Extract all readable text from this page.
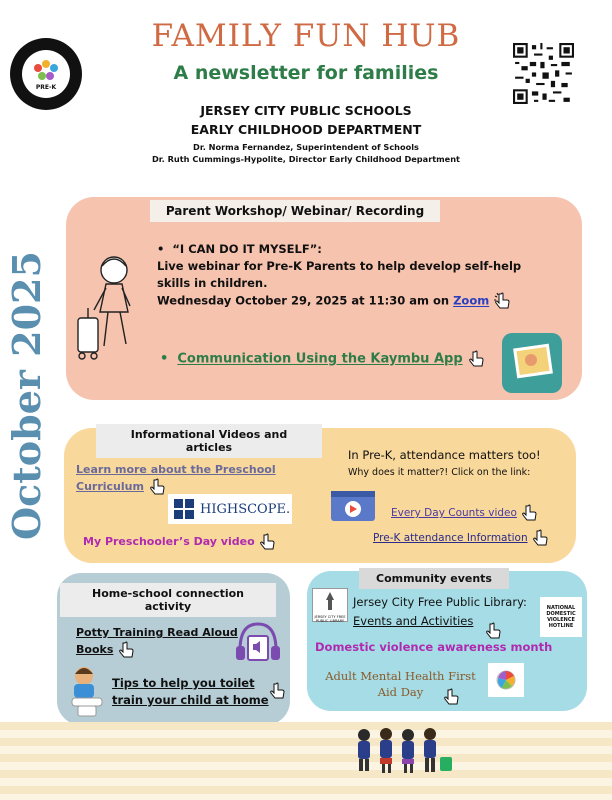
PRE-K
FAMILY FUN HUB
A newsletter for families
JERSEY CITY PUBLIC SCHOOLS
EARLY CHILDHOOD DEPARTMENT
Dr. Norma Fernandez, Superintendent of Schools
Dr. Ruth Cummings-Hypolite, Director Early Childhood Department
October 2025
Parent Workshop/ Webinar/ Recording
•  “I CAN DO IT MYSELF”:
Live webinar for Pre-K Parents to help develop self-help
skills in children.
Wednesday October 29, 2025 at 11:30 am on Zoom
•  Communication Using the Kaymbu App
Informational Videos and articles
Learn more about the Preschool
Curriculum
HIGHSCOPE.
My Preschooler’s Day video
In Pre-K, attendance matters too!
Why does it matter?! Click on the link:
Every Day Counts video
Pre-K attendance Information
Home-school connection activity
Potty Training Read Aloud
Books
Tips to help you toilet
train your child at home
Community events
JERSEY CITY FREE PUBLIC LIBRARY
Jersey City Free Public Library:
Events and Activities
NATIONAL DOMESTIC VIOLENCE HOTLINE
Domestic violence awareness month
Adult Mental Health First
Aid Day
